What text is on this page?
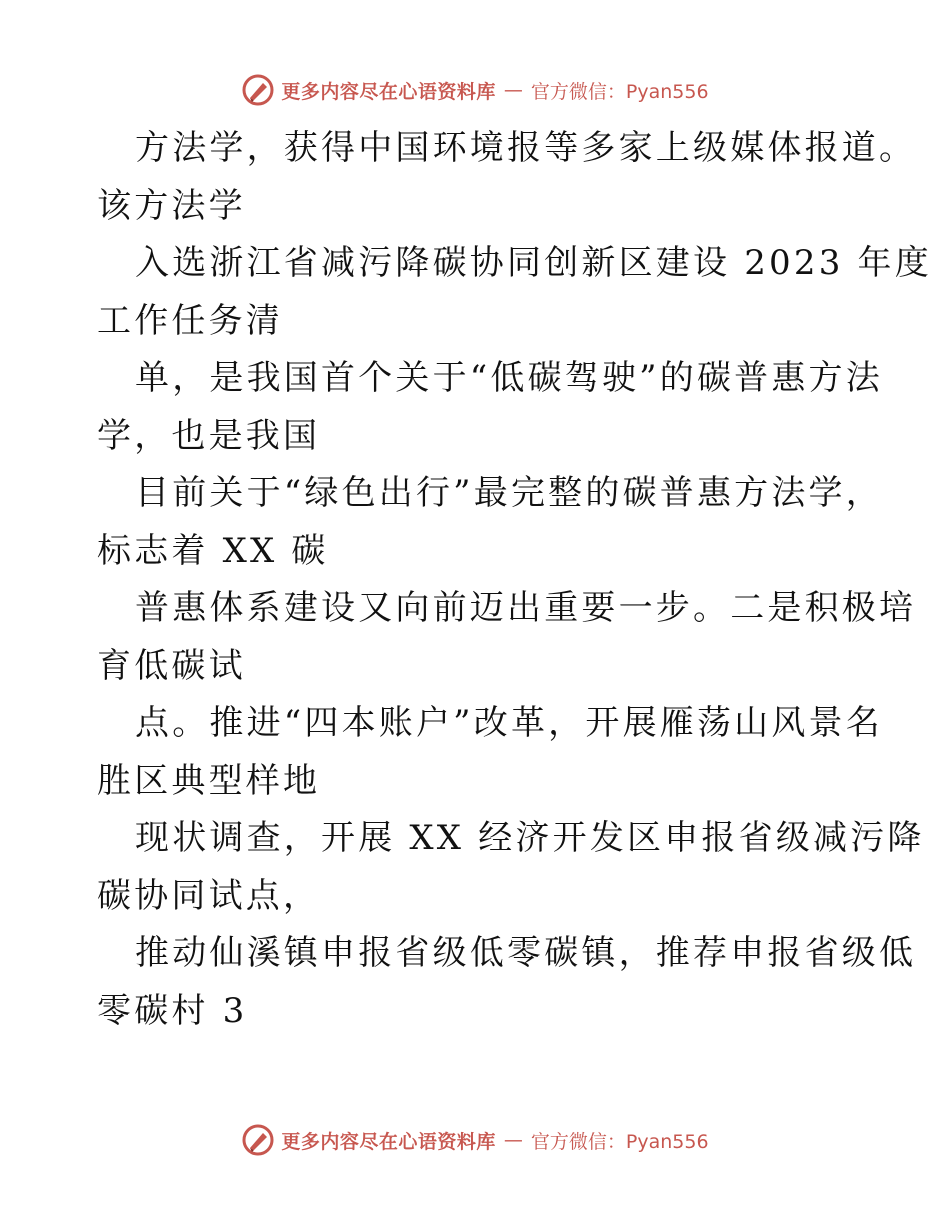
更多内容尽在心语资料库 — 官方微信：Pyan556

方法学，获得中国环境报等多家上级媒体报道。
该方法学

入选浙江省减污降碳协同创新区建设 2023 年度
工作任务清

单，是我国首个关于“低碳驾驶”的碳普惠方法
学，也是我国

目前关于“绿色出行”最完整的碳普惠方法学，
标志着 XX 碳

普惠体系建设又向前迈出重要一步。二是积极培
育低碳试

点。推进“四本账户”改革，开展雁荡山风景名
胜区典型样地

现状调查，开展 XX 经济开发区申报省级减污降
碳协同试点，

推动仙溪镇申报省级低零碳镇，推荐申报省级低
零碳村 3

更多内容尽在心语资料库 — 官方微信：Pyan556
